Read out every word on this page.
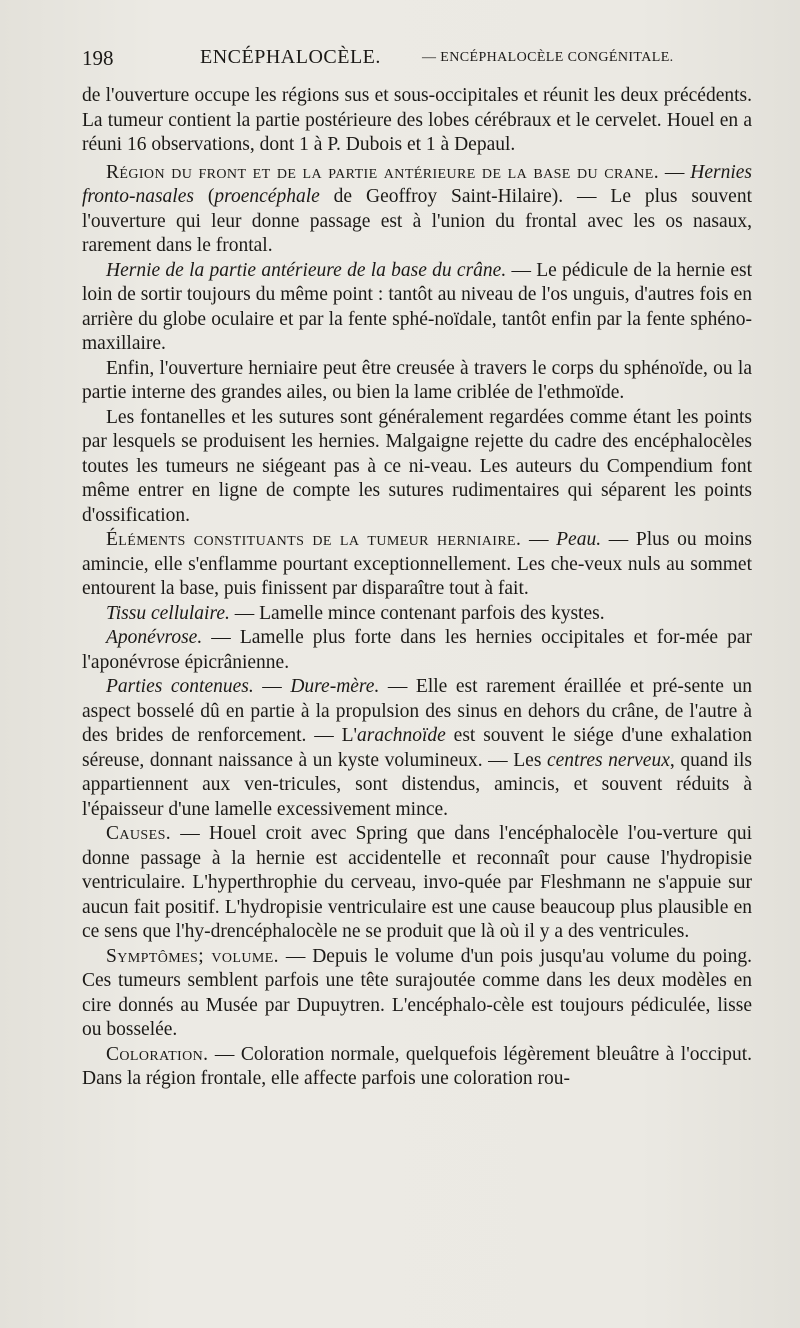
198	ENCÉPHALOCÈLE.	— ENCÉPHALOCÈLE CONGÉNITALE.

de l'ouverture occupe les régions sus et sous-occipitales et réunit les deux précédents. La tumeur contient la partie postérieure des lobes cérébraux et le cervelet. Houel en a réuni 16 observations, dont 1 à P. Dubois et 1 à Depaul.

Région du front et de la partie antérieure de la base du crane. — Hernies fronto-nasales (proencéphale de Geoffroy Saint-Hilaire). — Le plus souvent l'ouverture qui leur donne passage est à l'union du frontal avec les os nasaux, rarement dans le frontal.

Hernie de la partie antérieure de la base du crâne. — Le pédicule de la hernie est loin de sortir toujours du même point : tantôt au niveau de l'os unguis, d'autres fois en arrière du globe oculaire et par la fente sphé-noïdale, tantôt enfin par la fente sphéno-maxillaire.

Enfin, l'ouverture herniaire peut être creusée à travers le corps du sphénoïde, ou la partie interne des grandes ailes, ou bien la lame criblée de l'ethmoïde.

Les fontanelles et les sutures sont généralement regardées comme étant les points par lesquels se produisent les hernies. Malgaigne rejette du cadre des encéphalocèles toutes les tumeurs ne siégeant pas à ce ni-veau. Les auteurs du Compendium font même entrer en ligne de compte les sutures rudimentaires qui séparent les points d'ossification.

Éléments constituants de la tumeur herniaire. — Peau. — Plus ou moins amincie, elle s'enflamme pourtant exceptionnellement. Les che-veux nuls au sommet entourent la base, puis finissent par disparaître tout à fait.

Tissu cellulaire. — Lamelle mince contenant parfois des kystes.

Aponévrose. — Lamelle plus forte dans les hernies occipitales et for-mée par l'aponévrose épicrânienne.

Parties contenues. — Dure-mère. — Elle est rarement éraillée et pré-sente un aspect bosselé dû en partie à la propulsion des sinus en dehors du crâne, de l'autre à des brides de renforcement. — L'arachnoïde est souvent le siége d'une exhalation séreuse, donnant naissance à un kyste volumineux. — Les centres nerveux, quand ils appartiennent aux ven-tricules, sont distendus, amincis, et souvent réduits à l'épaisseur d'une lamelle excessivement mince.

Causes. — Houel croit avec Spring que dans l'encéphalocèle l'ou-verture qui donne passage à la hernie est accidentelle et reconnaît pour cause l'hydropisie ventriculaire. L'hyperthrophie du cerveau, invo-quée par Fleshmann ne s'appuie sur aucun fait positif. L'hydropisie ventriculaire est une cause beaucoup plus plausible en ce sens que l'hy-drencéphalocèle ne se produit que là où il y a des ventricules.

Symptômes; volume. — Depuis le volume d'un pois jusqu'au volume du poing. Ces tumeurs semblent parfois une tête surajoutée comme dans les deux modèles en cire donnés au Musée par Dupuytren. L'encéphalo-cèle est toujours pédiculée, lisse ou bosselée.

Coloration. — Coloration normale, quelquefois légèrement bleuâtre à l'occiput. Dans la région frontale, elle affecte parfois une coloration rou-
